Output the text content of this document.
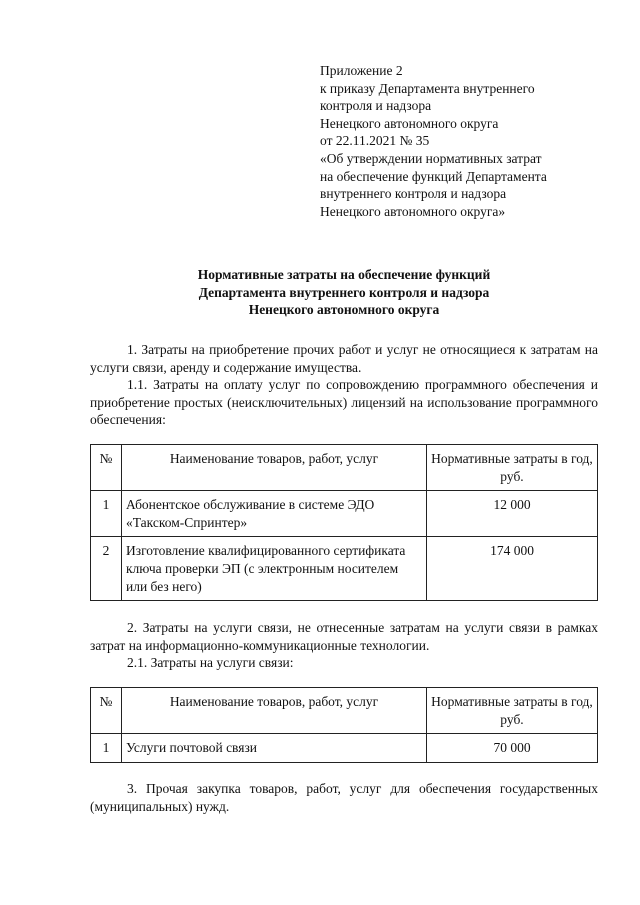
Приложение 2
к приказу Департамента внутреннего
контроля и надзора
Ненецкого автономного округа
от 22.11.2021 № 35
«Об утверждении нормативных затрат
на обеспечение функций Департамента
внутреннего контроля и надзора
Ненецкого автономного округа»
Нормативные затраты на обеспечение функций
Департамента внутреннего контроля и надзора
Ненецкого автономного округа
1. Затраты на приобретение прочих работ и услуг не относящиеся к затратам на услуги связи, аренду и содержание имущества.
1.1. Затраты на оплату услуг по сопровождению программного обеспечения и приобретение простых (неисключительных) лицензий на использование программного обеспечения:
№	Наименование товаров, работ, услуг	Нормативные затраты в год, руб.
1	Абонентское обслуживание в системе ЭДО «Такском-Спринтер»	12 000
2	Изготовление квалифицированного сертификата ключа проверки ЭП (с электронным носителем или без него)	174 000
2. Затраты на услуги связи, не отнесенные затратам на услуги связи в рамках затрат на информационно-коммуникационные технологии.
2.1. Затраты на услуги связи:
№	Наименование товаров, работ, услуг	Нормативные затраты в год, руб.
1	Услуги почтовой связи	70 000
3. Прочая закупка товаров, работ, услуг для обеспечения государственных (муниципальных) нужд.
